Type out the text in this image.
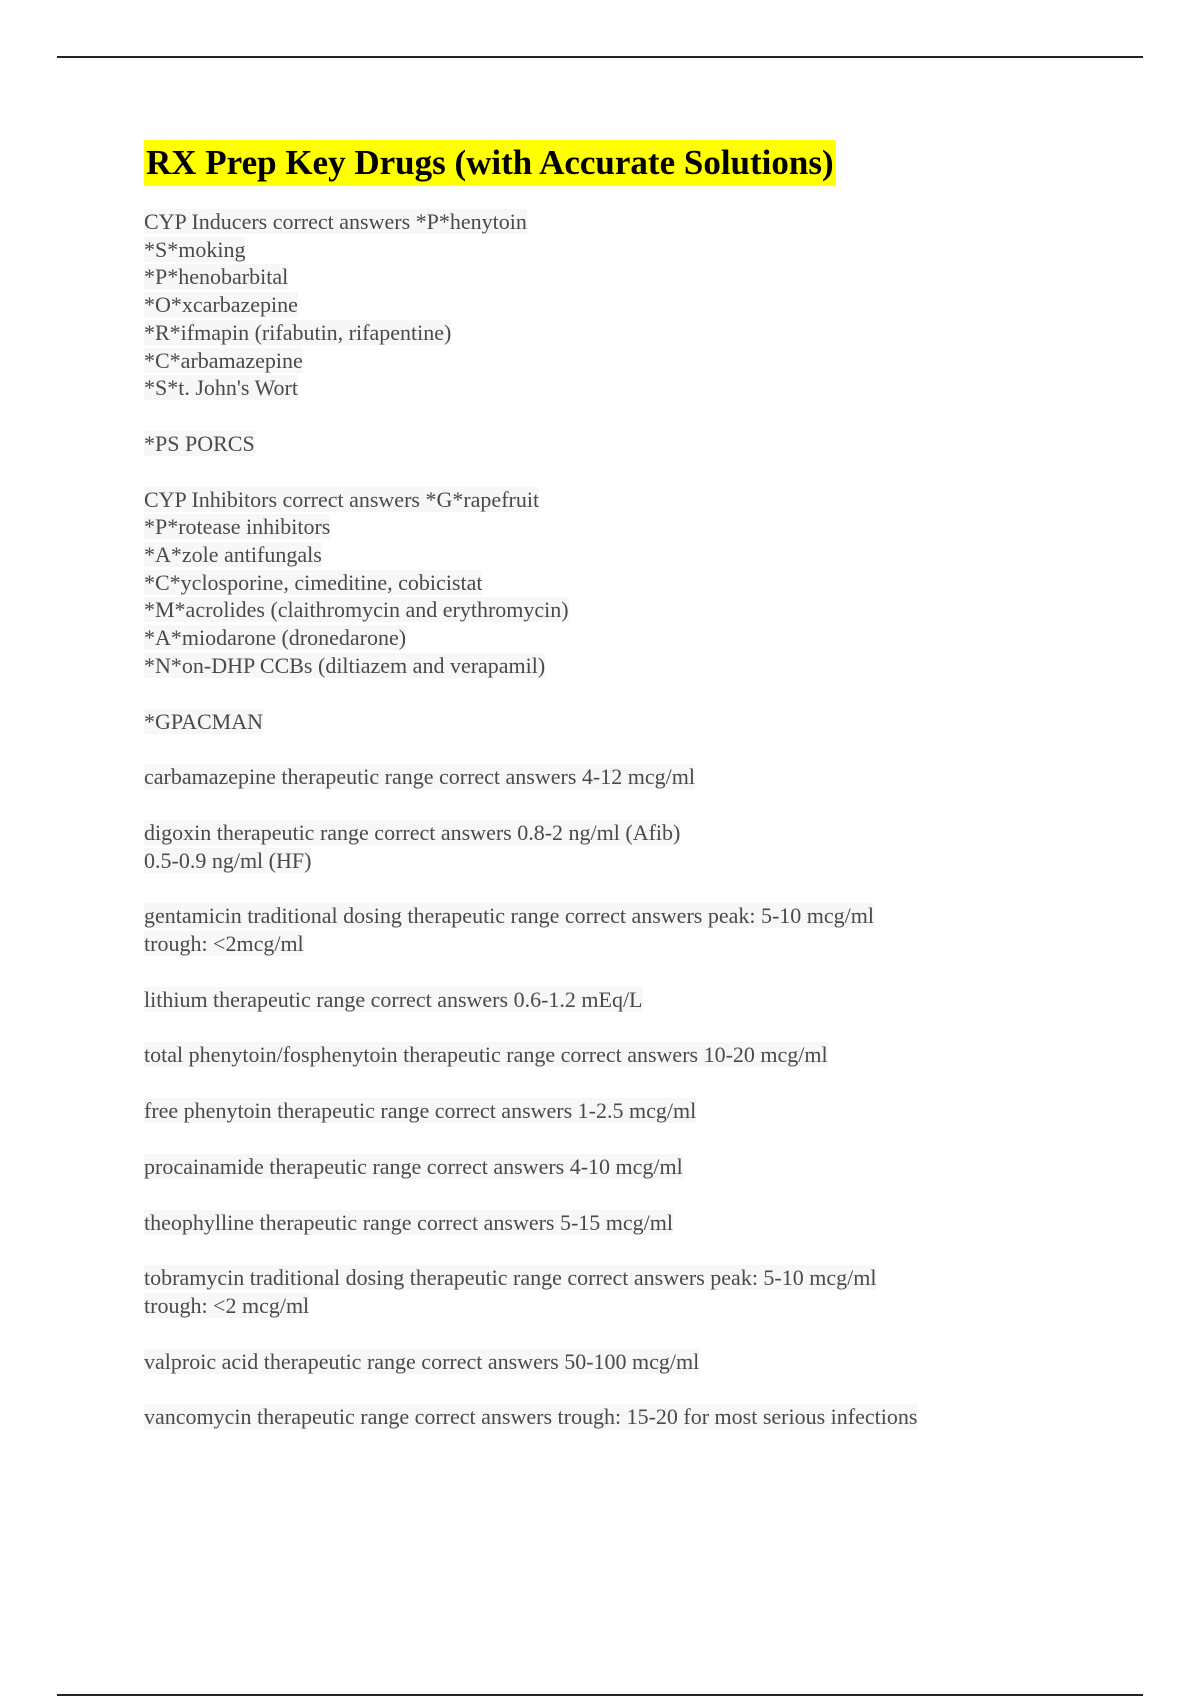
RX Prep Key Drugs (with Accurate Solutions)
CYP Inducers correct answers *P*henytoin
*S*moking
*P*henobarbital
*O*xcarbazepine
*R*ifmapin (rifabutin, rifapentine)
*C*arbamazepine
*S*t. John's Wort
*PS PORCS
CYP Inhibitors correct answers *G*rapefruit
*P*rotease inhibitors
*A*zole antifungals
*C*yclosporine, cimeditine, cobicistat
*M*acrolides (claithromycin and erythromycin)
*A*miodarone (dronedarone)
*N*on-DHP CCBs (diltiazem and verapamil)
*GPACMAN
carbamazepine therapeutic range correct answers 4-12 mcg/ml
digoxin therapeutic range correct answers 0.8-2 ng/ml (Afib)
0.5-0.9 ng/ml (HF)
gentamicin traditional dosing therapeutic range correct answers peak: 5-10 mcg/ml
trough: <2mcg/ml
lithium therapeutic range correct answers 0.6-1.2 mEq/L
total phenytoin/fosphenytoin therapeutic range correct answers 10-20 mcg/ml
free phenytoin therapeutic range correct answers 1-2.5 mcg/ml
procainamide therapeutic range correct answers 4-10 mcg/ml
theophylline therapeutic range correct answers 5-15 mcg/ml
tobramycin traditional dosing therapeutic range correct answers peak: 5-10 mcg/ml
trough: <2 mcg/ml
valproic acid therapeutic range correct answers 50-100 mcg/ml
vancomycin therapeutic range correct answers trough: 15-20 for most serious infections
